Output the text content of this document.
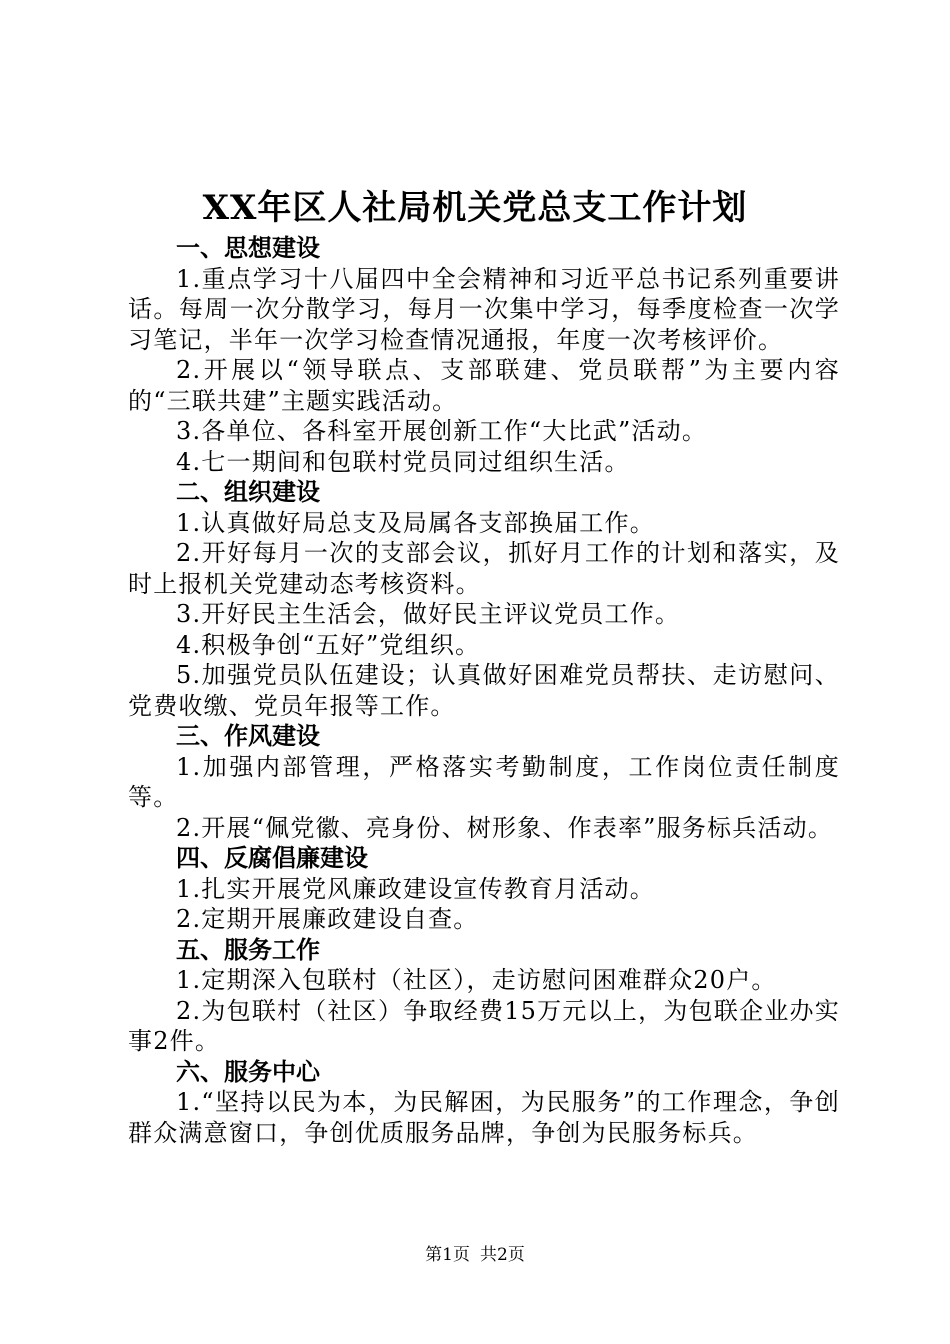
XX年区人社局机关党总支工作计划
一、思想建设
1.重点学习十八届四中全会精神和习近平总书记系列重要讲话。每周一次分散学习，每月一次集中学习，每季度检查一次学习笔记，半年一次学习检查情况通报，年度一次考核评价。
2.开展以“领导联点、支部联建、党员联帮”为主要内容的“三联共建”主题实践活动。
3.各单位、各科室开展创新工作“大比武”活动。
4.七一期间和包联村党员同过组织生活。
二、组织建设
1.认真做好局总支及局属各支部换届工作。
2.开好每月一次的支部会议，抓好月工作的计划和落实，及时上报机关党建动态考核资料。
3.开好民主生活会，做好民主评议党员工作。
4.积极争创“五好”党组织。
5.加强党员队伍建设；认真做好困难党员帮扶、走访慰问、党费收缴、党员年报等工作。
三、作风建设
1.加强内部管理，严格落实考勤制度，工作岗位责任制度等。
2.开展“佩党徽、亮身份、树形象、作表率”服务标兵活动。
四、反腐倡廉建设
1.扎实开展党风廉政建设宣传教育月活动。
2.定期开展廉政建设自查。
五、服务工作
1.定期深入包联村（社区），走访慰问困难群众20户。
2.为包联村（社区）争取经费15万元以上，为包联企业办实事2件。
六、服务中心
1.“坚持以民为本，为民解困，为民服务”的工作理念，争创群众满意窗口，争创优质服务品牌，争创为民服务标兵。
第1页 共2页
